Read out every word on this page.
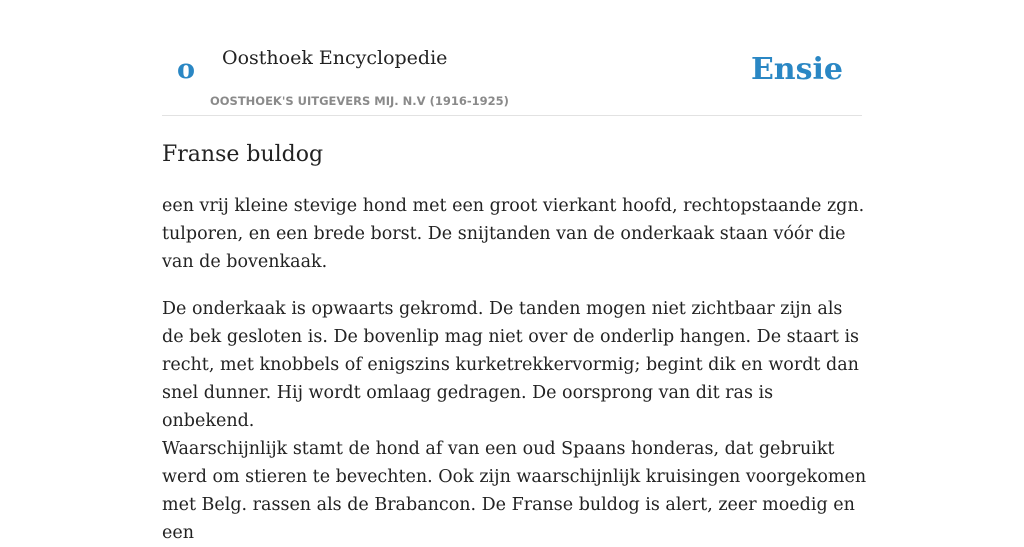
o Oosthoek Encyclopedie
OOSTHOEK'S UITGEVERS MIJ. N.V (1916-1925)
Ensie
Franse buldog

een vrij kleine stevige hond met een groot vierkant hoofd, rechtopstaande zgn. tulporen, en een brede borst. De snijtanden van de onderkaak staan vóór die van de bovenkaak.

De onderkaak is opwaarts gekromd. De tanden mogen niet zichtbaar zijn als de bek gesloten is. De bovenlip mag niet over de onderlip hangen. De staart is recht, met knobbels of enigszins kurketrekkervormig; begint dik en wordt dan snel dunner. Hij wordt omlaag gedragen. De oorsprong van dit ras is onbekend.

Waarschijnlijk stamt de hond af van een oud Spaans honderas, dat gebruikt werd om stieren te bevechten. Ook zijn waarschijnlijk kruisingen voorgekomen met Belg. rassen als de Brabancon. De Franse buldog is alert, zeer moedig en een
